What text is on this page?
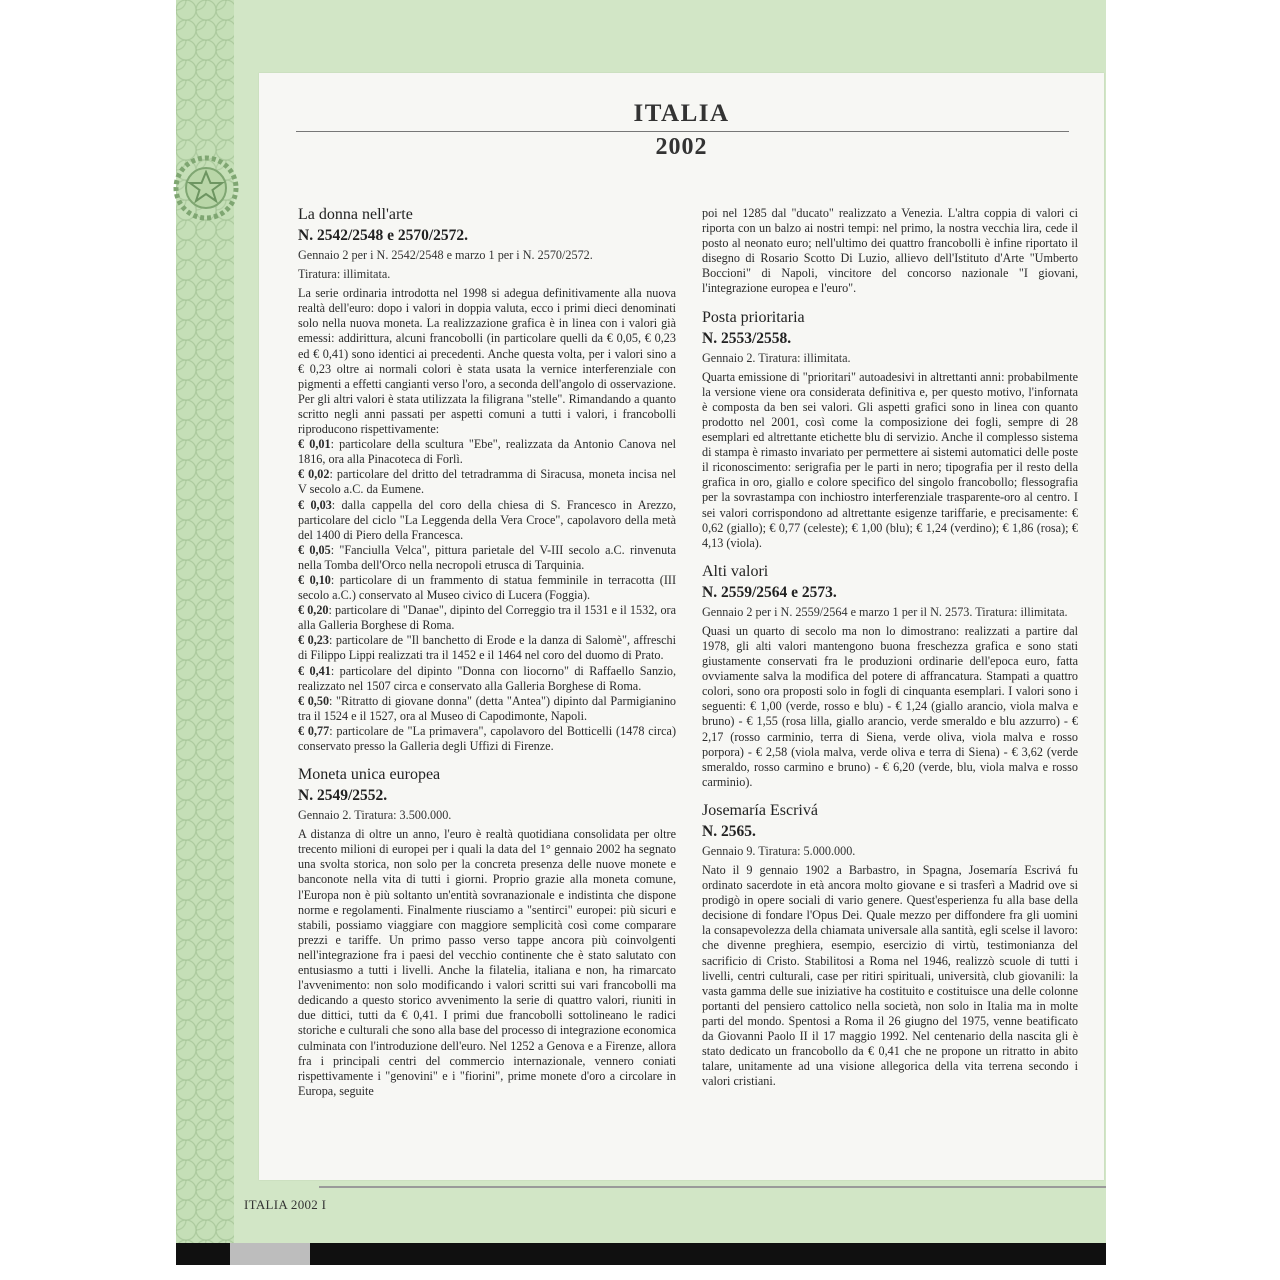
ITALIA
2002
La donna nell'arte
N. 2542/2548 e 2570/2572.
Gennaio 2 per i N. 2542/2548 e marzo 1 per i N. 2570/2572.
Tiratura: illimitata.

La serie ordinaria introdotta nel 1998 si adegua definitivamente alla nuova realtà dell'euro: dopo i valori in doppia valuta, ecco i primi dieci denominati solo nella nuova moneta. La realizzazione grafica è in linea con i valori già emessi: addirittura, alcuni francobolli (in particolare quelli da € 0,05, € 0,23 ed € 0,41) sono identici ai precedenti. Anche questa volta, per i valori sino a € 0,23 oltre ai normali colori è stata usata la vernice interferenziale con pigmenti a effetti cangianti verso l'oro, a seconda dell'angolo di osservazione. Per gli altri valori è stata utilizzata la filigrana "stelle". Rimandando a quanto scritto negli anni passati per aspetti comuni a tutti i valori, i francobolli riproducono rispettivamente:

€ 0,01: particolare della scultura "Ebe", realizzata da Antonio Canova nel 1816, ora alla Pinacoteca di Forlì.

€ 0,02: particolare del dritto del tetradramma di Siracusa, moneta incisa nel V secolo a.C. da Eumene.

€ 0,03: dalla cappella del coro della chiesa di S. Francesco in Arezzo, particolare del ciclo "La Leggenda della Vera Croce", capolavoro della metà del 1400 di Piero della Francesca.

€ 0,05: "Fanciulla Velca", pittura parietale del V-III secolo a.C. rinvenuta nella Tomba dell'Orco nella necropoli etrusca di Tarquinia.

€ 0,10: particolare di un frammento di statua femminile in terracotta (III secolo a.C.) conservato al Museo civico di Lucera (Foggia).

€ 0,20: particolare di "Danae", dipinto del Correggio tra il 1531 e il 1532, ora alla Galleria Borghese di Roma.

€ 0,23: particolare de "Il banchetto di Erode e la danza di Salomè", affreschi di Filippo Lippi realizzati tra il 1452 e il 1464 nel coro del duomo di Prato.

€ 0,41: particolare del dipinto "Donna con liocorno" di Raffaello Sanzio, realizzato nel 1507 circa e conservato alla Galleria Borghese di Roma.

€ 0,50: "Ritratto di giovane donna" (detta "Antea") dipinto dal Parmigianino tra il 1524 e il 1527, ora al Museo di Capodimonte, Napoli.

€ 0,77: particolare de "La primavera", capolavoro del Botticelli (1478 circa) conservato presso la Galleria degli Uffizi di Firenze.

Moneta unica europea
N. 2549/2552.
Gennaio 2. Tiratura: 3.500.000.

A distanza di oltre un anno, l'euro è realtà quotidiana consolidata per oltre trecento milioni di europei per i quali la data del 1° gennaio 2002 ha segnato una svolta storica, non solo per la concreta presenza delle nuove monete e banconote nella vita di tutti i giorni. Proprio grazie alla moneta comune, l'Europa non è più soltanto un'entità sovranazionale e indistinta che dispone norme e regolamenti. Finalmente riusciamo a "sentirci" europei: più sicuri e stabili, possiamo viaggiare con maggiore semplicità così come comparare prezzi e tariffe. Un primo passo verso tappe ancora più coinvolgenti nell'integrazione fra i paesi del vecchio continente che è stato salutato con entusiasmo a tutti i livelli. Anche la filatelia, italiana e non, ha rimarcato l'avvenimento: non solo modificando i valori scritti sui vari francobolli ma dedicando a questo storico avvenimento la serie di quattro valori, riuniti in due dittici, tutti da € 0,41. I primi due francobolli sottolineano le radici storiche e culturali che sono alla base del processo di integrazione economica culminata con l'introduzione dell'euro. Nel 1252 a Genova e a Firenze, allora fra i principali centri del commercio internazionale, vennero coniati rispettivamente i "genovini" e i "fiorini", prime monete d'oro a circolare in Europa, seguite

poi nel 1285 dal "ducato" realizzato a Venezia. L'altra coppia di valori ci riporta con un balzo ai nostri tempi: nel primo, la nostra vecchia lira, cede il posto al neonato euro; nell'ultimo dei quattro francobolli è infine riportato il disegno di Rosario Scotto Di Luzio, allievo dell'Istituto d'Arte "Umberto Boccioni" di Napoli, vincitore del concorso nazionale "I giovani, l'integrazione europea e l'euro".

Posta prioritaria
N. 2553/2558.
Gennaio 2. Tiratura: illimitata.

Quarta emissione di "prioritari" autoadesivi in altrettanti anni: probabilmente la versione viene ora considerata definitiva e, per questo motivo, l'infornata è composta da ben sei valori. Gli aspetti grafici sono in linea con quanto prodotto nel 2001, così come la composizione dei fogli, sempre di 28 esemplari ed altrettante etichette blu di servizio. Anche il complesso sistema di stampa è rimasto invariato per permettere ai sistemi automatici delle poste il riconoscimento: serigrafia per le parti in nero; tipografia per il resto della grafica in oro, giallo e colore specifico del singolo francobollo; flessografia per la sovrastampa con inchiostro interferenziale trasparente-oro al centro. I sei valori corrispondono ad altrettante esigenze tariffarie, e precisamente: € 0,62 (giallo); € 0,77 (celeste); € 1,00 (blu); € 1,24 (verdino); € 1,86 (rosa); € 4,13 (viola).

Alti valori
N. 2559/2564 e 2573.
Gennaio 2 per i N. 2559/2564 e marzo 1 per il N. 2573. Tiratura: illimitata.

Quasi un quarto di secolo ma non lo dimostrano: realizzati a partire dal 1978, gli alti valori mantengono buona freschezza grafica e sono stati giustamente conservati fra le produzioni ordinarie dell'epoca euro, fatta ovviamente salva la modifica del potere di affrancatura. Stampati a quattro colori, sono ora proposti solo in fogli di cinquanta esemplari. I valori sono i seguenti: € 1,00 (verde, rosso e blu) - € 1,24 (giallo arancio, viola malva e bruno) - € 1,55 (rosa lilla, giallo arancio, verde smeraldo e blu azzurro) - € 2,17 (rosso carminio, terra di Siena, verde oliva, viola malva e rosso porpora) - € 2,58 (viola malva, verde oliva e terra di Siena) - € 3,62 (verde smeraldo, rosso carmino e bruno) - € 6,20 (verde, blu, viola malva e rosso carminio).

Josemaría Escrivá
N. 2565.
Gennaio 9. Tiratura: 5.000.000.

Nato il 9 gennaio 1902 a Barbastro, in Spagna, Josemaría Escrivá fu ordinato sacerdote in età ancora molto giovane e si trasferì a Madrid ove si prodigò in opere sociali di vario genere. Quest'esperienza fu alla base della decisione di fondare l'Opus Dei. Quale mezzo per diffondere fra gli uomini la consapevolezza della chiamata universale alla santità, egli scelse il lavoro: che divenne preghiera, esempio, esercizio di virtù, testimonianza del sacrificio di Cristo. Stabilitosi a Roma nel 1946, realizzò scuole di tutti i livelli, centri culturali, case per ritiri spirituali, università, club giovanili: la vasta gamma delle sue iniziative ha costituito e costituisce una delle colonne portanti del pensiero cattolico nella società, non solo in Italia ma in molte parti del mondo. Spentosi a Roma il 26 giugno del 1975, venne beatificato da Giovanni Paolo II il 17 maggio 1992. Nel centenario della nascita gli è stato dedicato un francobollo da € 0,41 che ne propone un ritratto in abito talare, unitamente ad una visione allegorica della vita terrena secondo i valori cristiani.

ITALIA 2002 I
